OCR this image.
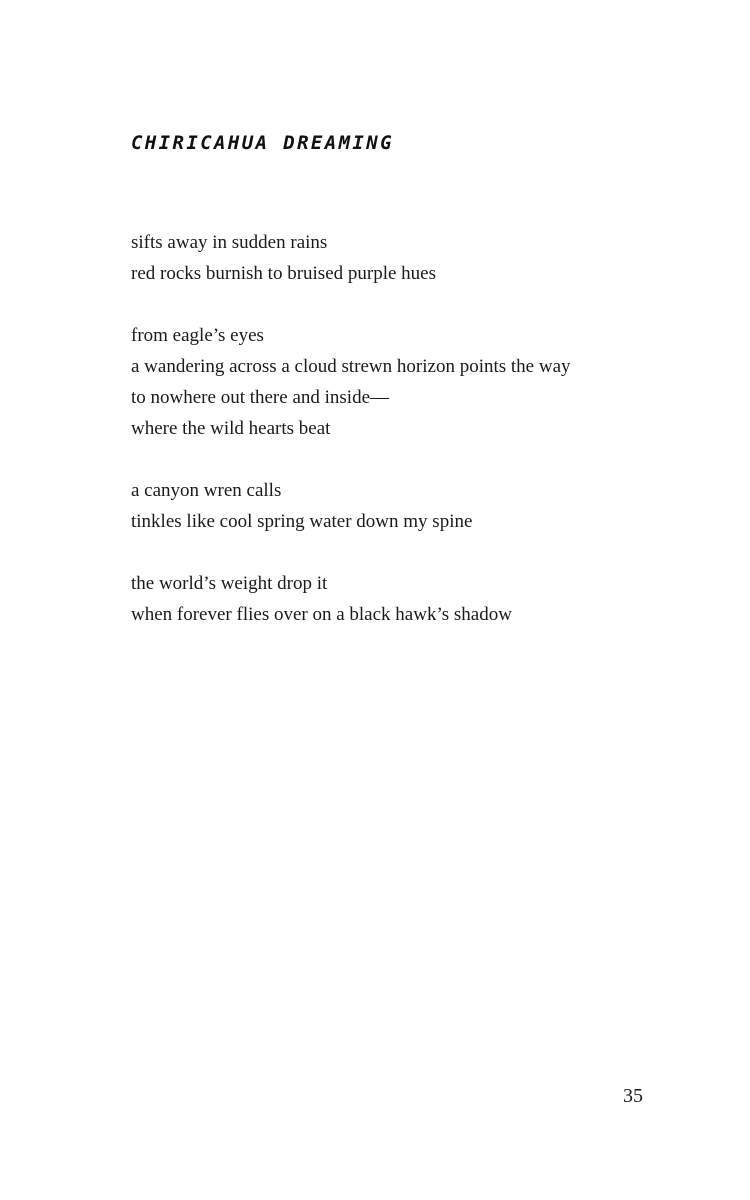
CHIRICAHUA DREAMING
sifts away in sudden rains
red rocks burnish to bruised purple hues
from eagle’s eyes
a wandering across a cloud strewn horizon points the way
to nowhere out there and inside—
where the wild hearts beat
a canyon wren calls
tinkles like cool spring water down my spine
the world’s weight drop it
when forever flies over on a black hawk’s shadow
35
